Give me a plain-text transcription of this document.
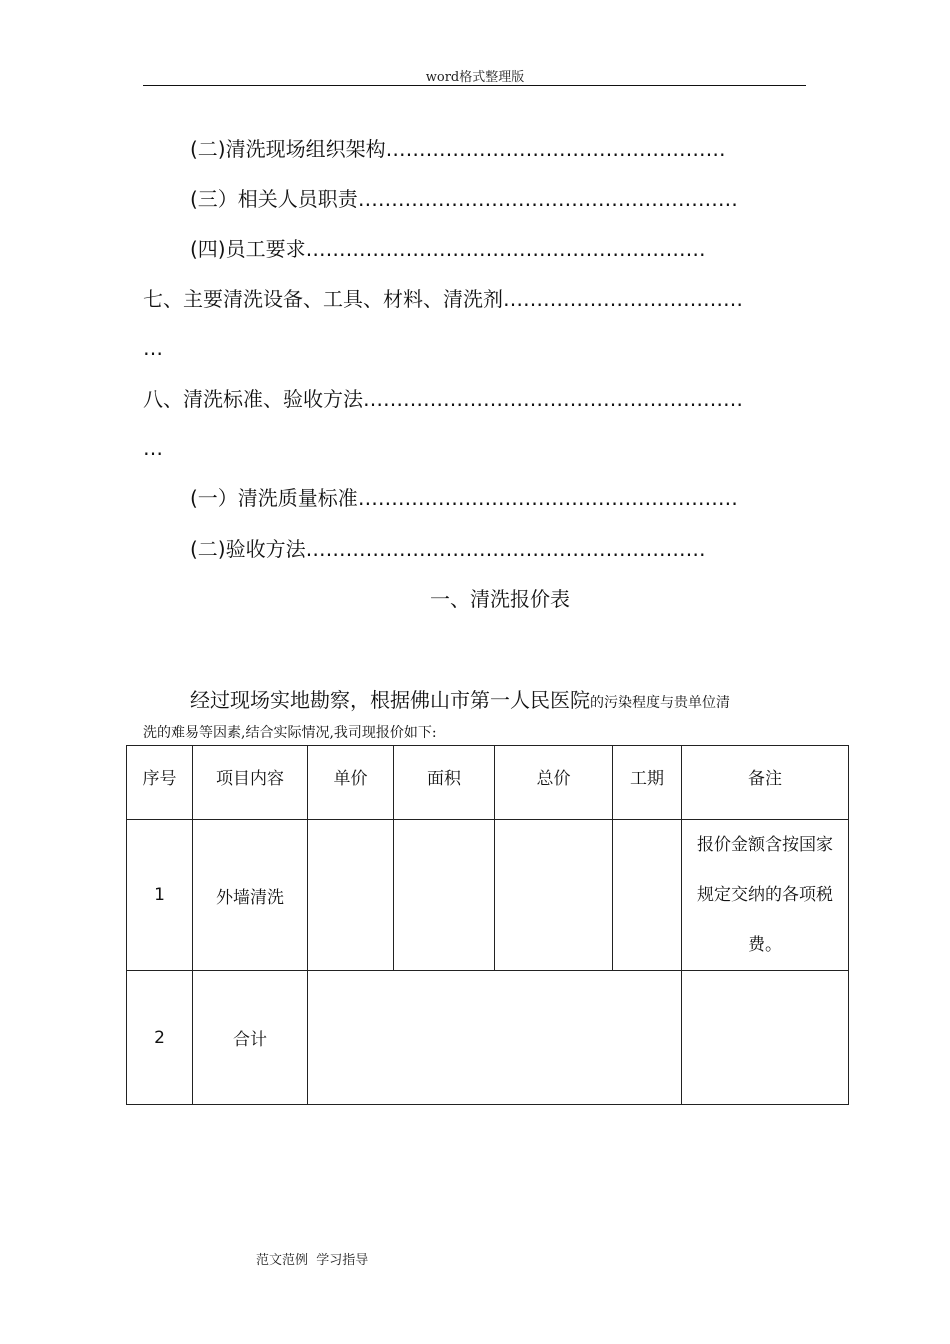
word格式整理版
(二)清洗现场组织架构……………………………………………
(三）相关人员职责…………………………………………………
(四)员工要求……………………………………………………
七、主要清洗设备、工具、材料、清洗剂………………………………
…
八、清洗标准、验收方法…………………………………………………
…
(一）清洗质量标准…………………………………………………
(二)验收方法……………………………………………………
一、清洗报价表
经过现场实地勘察，根据佛山市第一人民医院的污染程度与贵单位清
洗的难易等因素,结合实际情况,我司现报价如下:
序号	项目内容	单价	面积	总价	工期	备注
1	外墙清洗					报价金额含按国家规定交纳的各项税费。
2	合计					
范文范例  学习指导
